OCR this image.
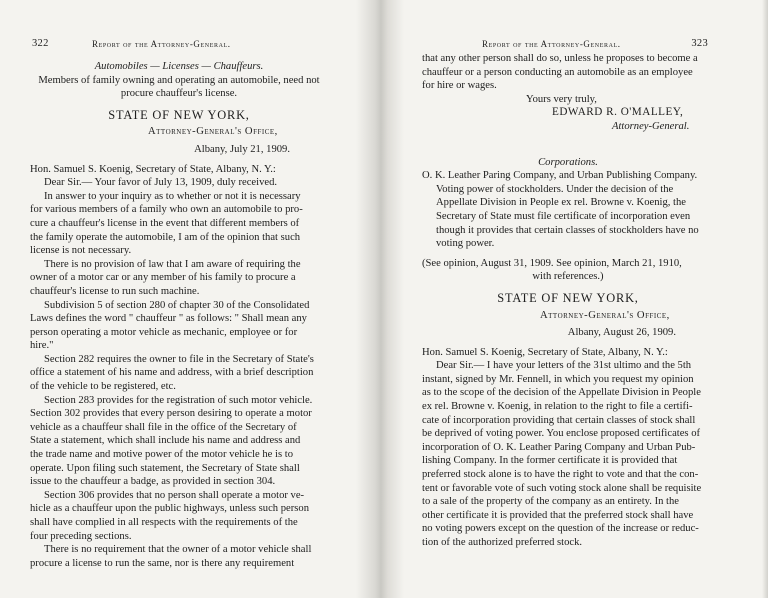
322	Report of the Attorney-General.

Automobiles — Licenses — Chauffeurs.

Members of family owning and operating an automobile, need not

procure chauffeur's license.

STATE OF NEW YORK,

Attorney-General's Office,

Albany, July 21, 1909.

Hon. Samuel S. Koenig, Secretary of State, Albany, N. Y.:

Dear Sir.— Your favor of July 13, 1909, duly received.

In answer to your inquiry as to whether or not it is necessary

for various members of a family who own an automobile to pro-

cure a chauffeur's license in the event that different members of

the family operate the automobile, I am of the opinion that such

license is not necessary.

There is no provision of law that I am aware of requiring the

owner of a motor car or any member of his family to procure a

chauffeur's license to run such machine.

Subdivision 5 of section 280 of chapter 30 of the Consolidated

Laws defines the word " chauffeur " as follows: " Shall mean any

person operating a motor vehicle as mechanic, employee or for

hire."

Section 282 requires the owner to file in the Secretary of State's

office a statement of his name and address, with a brief description

of the vehicle to be registered, etc.

Section 283 provides for the registration of such motor vehicle.

Section 302 provides that every person desiring to operate a motor

vehicle as a chauffeur shall file in the office of the Secretary of

State a statement, which shall include his name and address and

the trade name and motive power of the motor vehicle he is to

operate. Upon filing such statement, the Secretary of State shall

issue to the chauffeur a badge, as provided in section 304.

Section 306 provides that no person shall operate a motor ve-

hicle as a chauffeur upon the public highways, unless such person

shall have complied in all respects with the requirements of the

four preceding sections.

There is no requirement that the owner of a motor vehicle shall

procure a license to run the same, nor is there any requirement

Report of the Attorney-General.	323

that any other person shall do so, unless he proposes to become a

chauffeur or a person conducting an automobile as an employee

for hire or wages.

Yours very truly,

EDWARD R. O'MALLEY,

Attorney-General.

Corporations.

O. K. Leather Paring Company, and Urban Publishing Company.

Voting power of stockholders. Under the decision of the

Appellate Division in People ex rel. Browne v. Koenig, the

Secretary of State must file certificate of incorporation even

though it provides that certain classes of stockholders have no

voting power.

(See opinion, August 31, 1909. See opinion, March 21, 1910,

with references.)

STATE OF NEW YORK,

Attorney-General's Office,

Albany, August 26, 1909.

Hon. Samuel S. Koenig, Secretary of State, Albany, N. Y.:

Dear Sir.— I have your letters of the 31st ultimo and the 5th

instant, signed by Mr. Fennell, in which you request my opinion

as to the scope of the decision of the Appellate Division in People

ex rel. Browne v. Koenig, in relation to the right to file a certifi-

cate of incorporation providing that certain classes of stock shall

be deprived of voting power. You enclose proposed certificates of

incorporation of O. K. Leather Paring Company and Urban Pub-

lishing Company. In the former certificate it is provided that

preferred stock alone is to have the right to vote and that the con-

tent or favorable vote of such voting stock alone shall be requisite

to a sale of the property of the company as an entirety. In the

other certificate it is provided that the preferred stock shall have

no voting powers except on the question of the increase or reduc-

tion of the authorized preferred stock.
